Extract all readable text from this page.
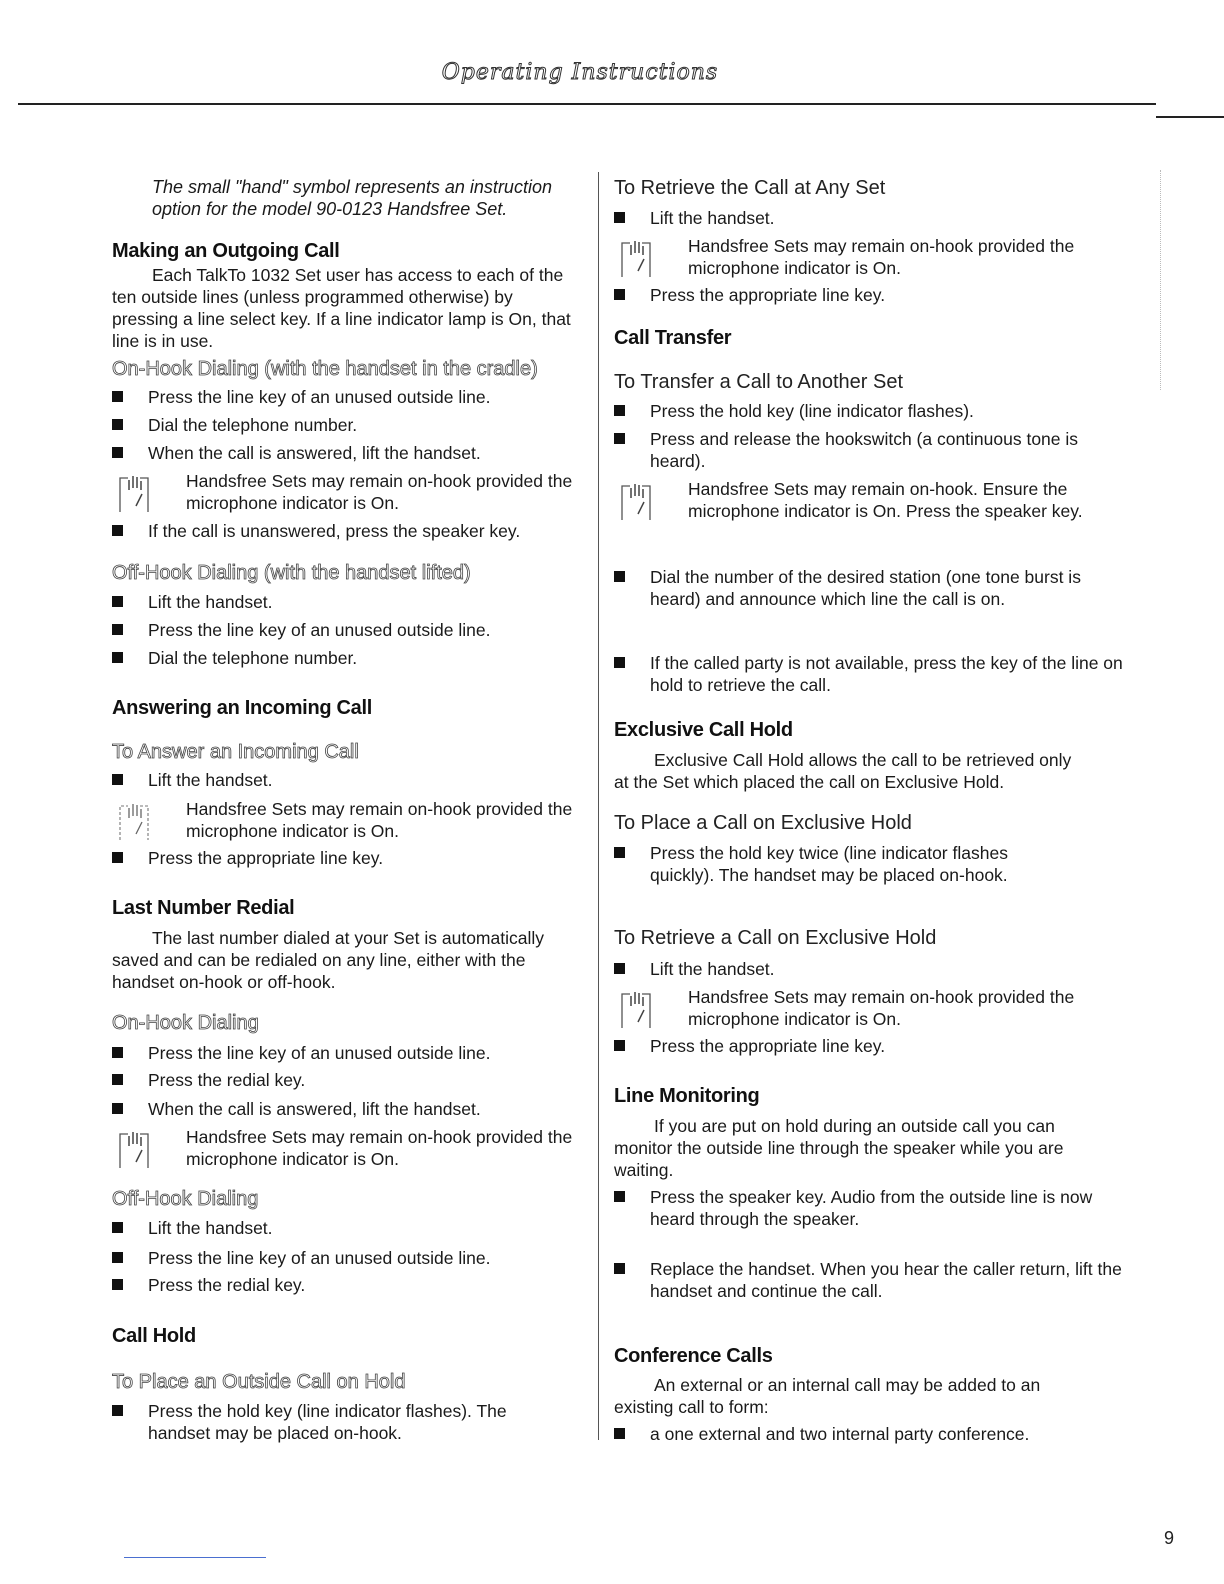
Operating Instructions
The small "hand" symbol represents an instruction option for the model 90-0123 Handsfree Set.
Making an Outgoing Call
Each TalkTo 1032 Set user has access to each of the ten outside lines (unless programmed otherwise) by pressing a line select key. If a line indicator lamp is On, that line is in use.
On-Hook Dialing (with the handset in the cradle)
Press the line key of an unused outside line.
Dial the telephone number.
When the call is answered, lift the handset.
Handsfree Sets may remain on-hook provided the microphone indicator is On.
If the call is unanswered, press the speaker key.
Off-Hook Dialing (with the handset lifted)
Lift the handset.
Press the line key of an unused outside line.
Dial the telephone number.
Answering an Incoming Call
To Answer an Incoming Call
Lift the handset.
Handsfree Sets may remain on-hook provided the microphone indicator is On.
Press the appropriate line key.
Last Number Redial
The last number dialed at your Set is automatically saved and can be redialed on any line, either with the handset on-hook or off-hook.
On-Hook Dialing
Press the line key of an unused outside line.
Press the redial key.
When the call is answered, lift the handset.
Handsfree Sets may remain on-hook provided the microphone indicator is On.
Off-Hook Dialing
Lift the handset.
Press the line key of an unused outside line.
Press the redial key.
Call Hold
To Place an Outside Call on Hold
Press the hold key (line indicator flashes). The handset may be placed on-hook.
To Retrieve the Call at Any Set
Lift the handset.
Handsfree Sets may remain on-hook provided the microphone indicator is On.
Press the appropriate line key.
Call Transfer
To Transfer a Call to Another Set
Press the hold key (line indicator flashes).
Press and release the hookswitch (a continuous tone is heard).
Handsfree Sets may remain on-hook. Ensure the microphone indicator is On. Press the speaker key.
Dial the number of the desired station (one tone burst is heard) and announce which line the call is on.
If the called party is not available, press the key of the line on hold to retrieve the call.
Exclusive Call Hold
Exclusive Call Hold allows the call to be retrieved only at the Set which placed the call on Exclusive Hold.
To Place a Call on Exclusive Hold
Press the hold key twice (line indicator flashes quickly). The handset may be placed on-hook.
To Retrieve a Call on Exclusive Hold
Lift the handset.
Handsfree Sets may remain on-hook provided the microphone indicator is On.
Press the appropriate line key.
Line Monitoring
If you are put on hold during an outside call you can monitor the outside line through the speaker while you are waiting.
Press the speaker key. Audio from the outside line is now heard through the speaker.
Replace the handset. When you hear the caller return, lift the handset and continue the call.
Conference Calls
An external or an internal call may be added to an existing call to form:
a one external and two internal party conference.
9
